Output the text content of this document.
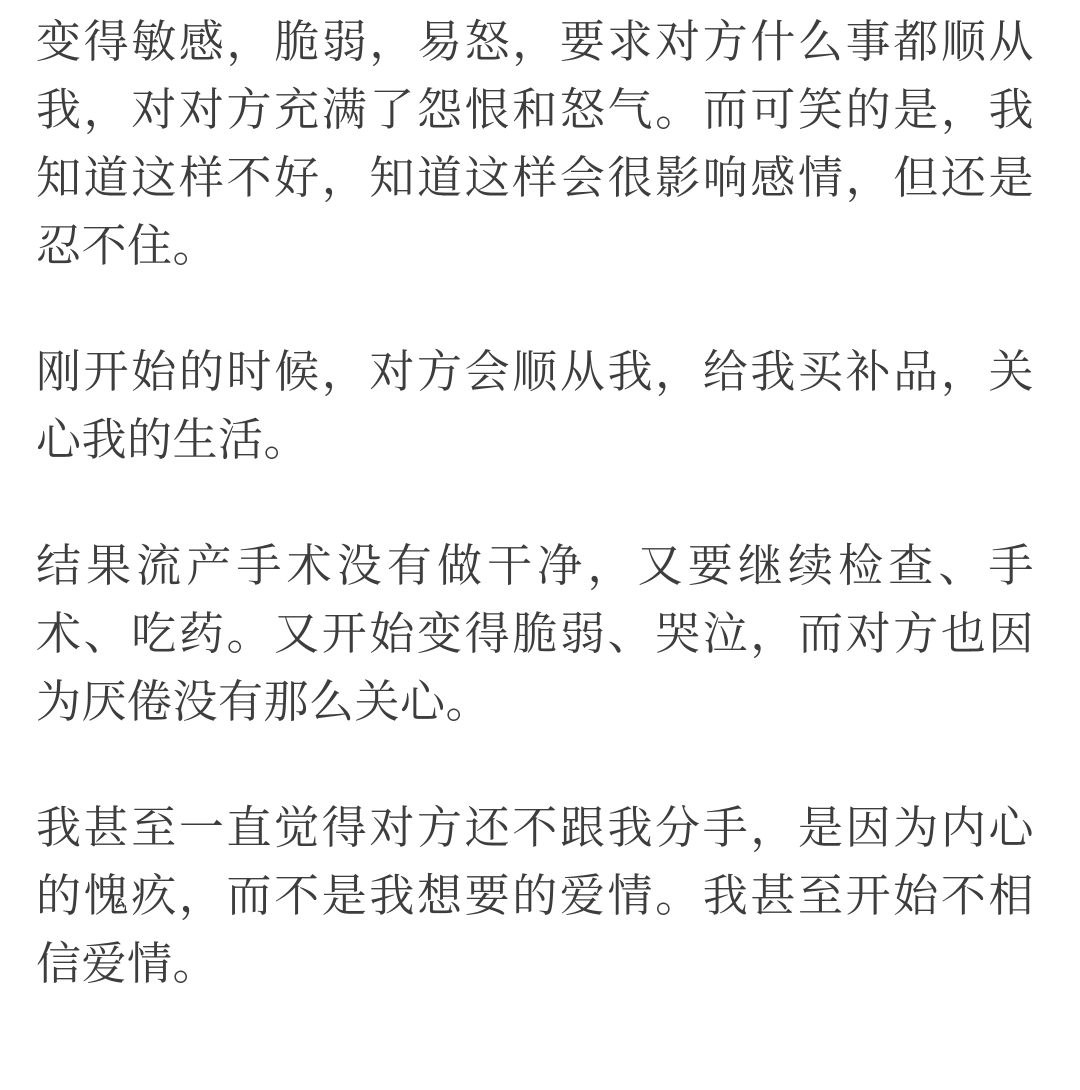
变得敏感，脆弱，易怒，要求对方什么事都顺从我，对对方充满了怨恨和怒气。而可笑的是，我知道这样不好，知道这样会很影响感情，但还是忍不住。

刚开始的时候，对方会顺从我，给我买补品，关心我的生活。

结果流产手术没有做干净，又要继续检查、手术、吃药。又开始变得脆弱、哭泣，而对方也因为厌倦没有那么关心。

我甚至一直觉得对方还不跟我分手，是因为内心的愧疚，而不是我想要的爱情。我甚至开始不相信爱情。
